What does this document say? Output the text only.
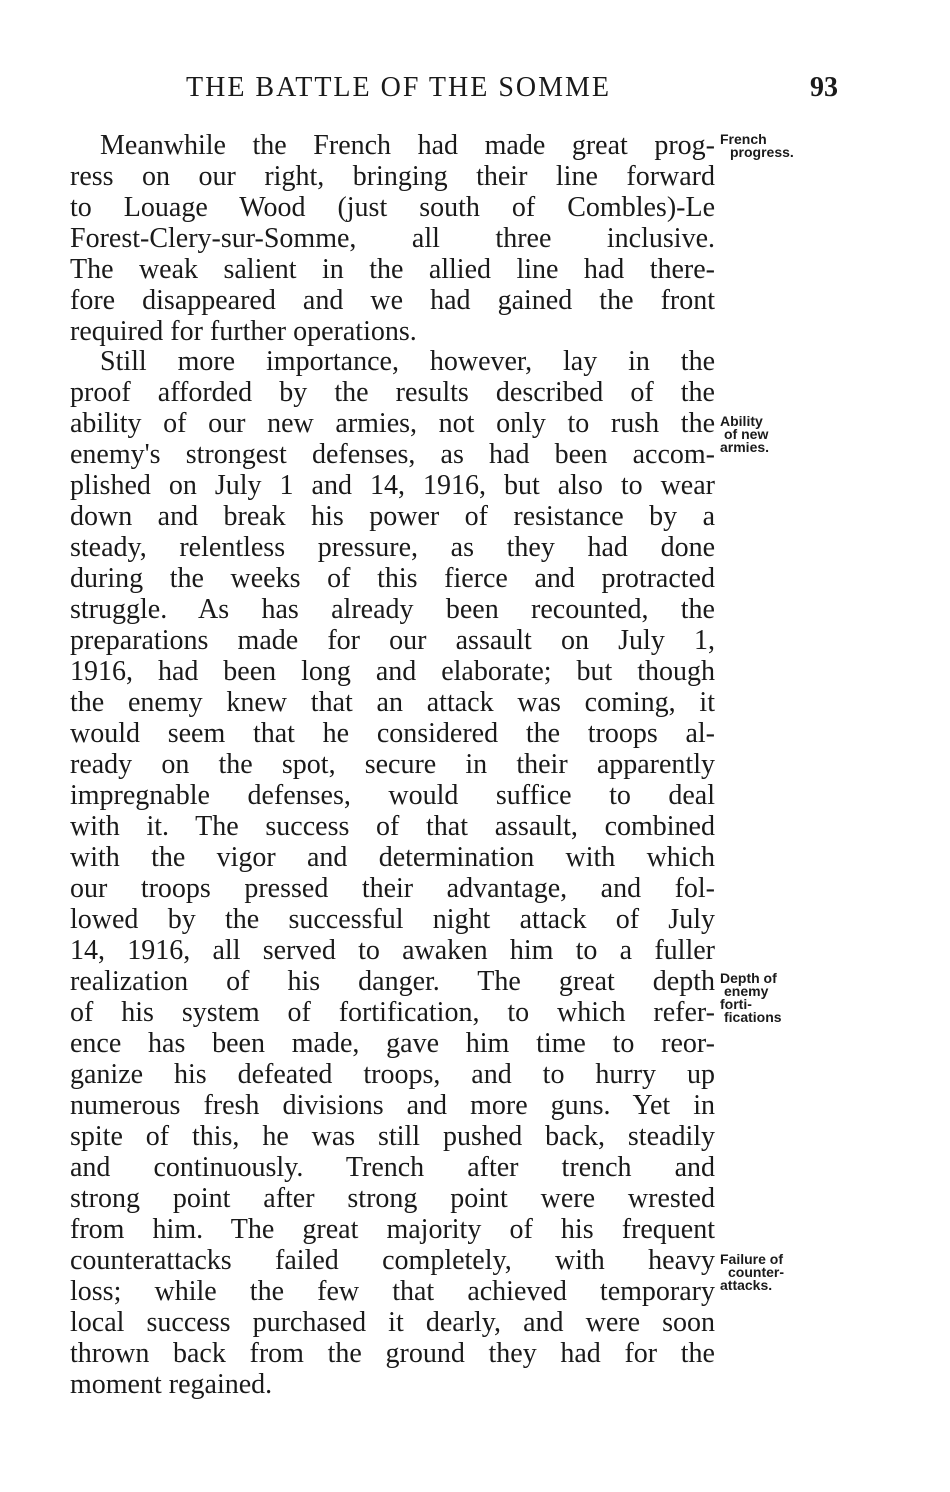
THE BATTLE OF THE SOMME	93
Meanwhile the French had made great prog-
ress on our right, bringing their line forward
to Louage Wood (just south of Combles)-Le
Forest-Clery-sur-Somme, all three inclusive.
The weak salient in the allied line had there-
fore disappeared and we had gained the front
required for further operations.
Still more importance, however, lay in the
proof afforded by the results described of the
ability of our new armies, not only to rush the
enemy's strongest defenses, as had been accom-
plished on July 1 and 14, 1916, but also to wear
down and break his power of resistance by a
steady, relentless pressure, as they had done
during the weeks of this fierce and protracted
struggle. As has already been recounted, the
preparations made for our assault on July 1,
1916, had been long and elaborate; but though
the enemy knew that an attack was coming, it
would seem that he considered the troops al-
ready on the spot, secure in their apparently
impregnable defenses, would suffice to deal
with it. The success of that assault, combined
with the vigor and determination with which
our troops pressed their advantage, and fol-
lowed by the successful night attack of July
14, 1916, all served to awaken him to a fuller
realization of his danger. The great depth
of his system of fortification, to which refer-
ence has been made, gave him time to reor-
ganize his defeated troops, and to hurry up
numerous fresh divisions and more guns. Yet in
spite of this, he was still pushed back, steadily
and continuously. Trench after trench and
strong point after strong point were wrested
from him. The great majority of his frequent
counterattacks failed completely, with heavy
loss; while the few that achieved temporary
local success purchased it dearly, and were soon
thrown back from the ground they had for the
moment regained.
French
progress.
Ability
of new
armies.
Depth of
enemy
forti-
fications
Failure of
counter-
attacks.
